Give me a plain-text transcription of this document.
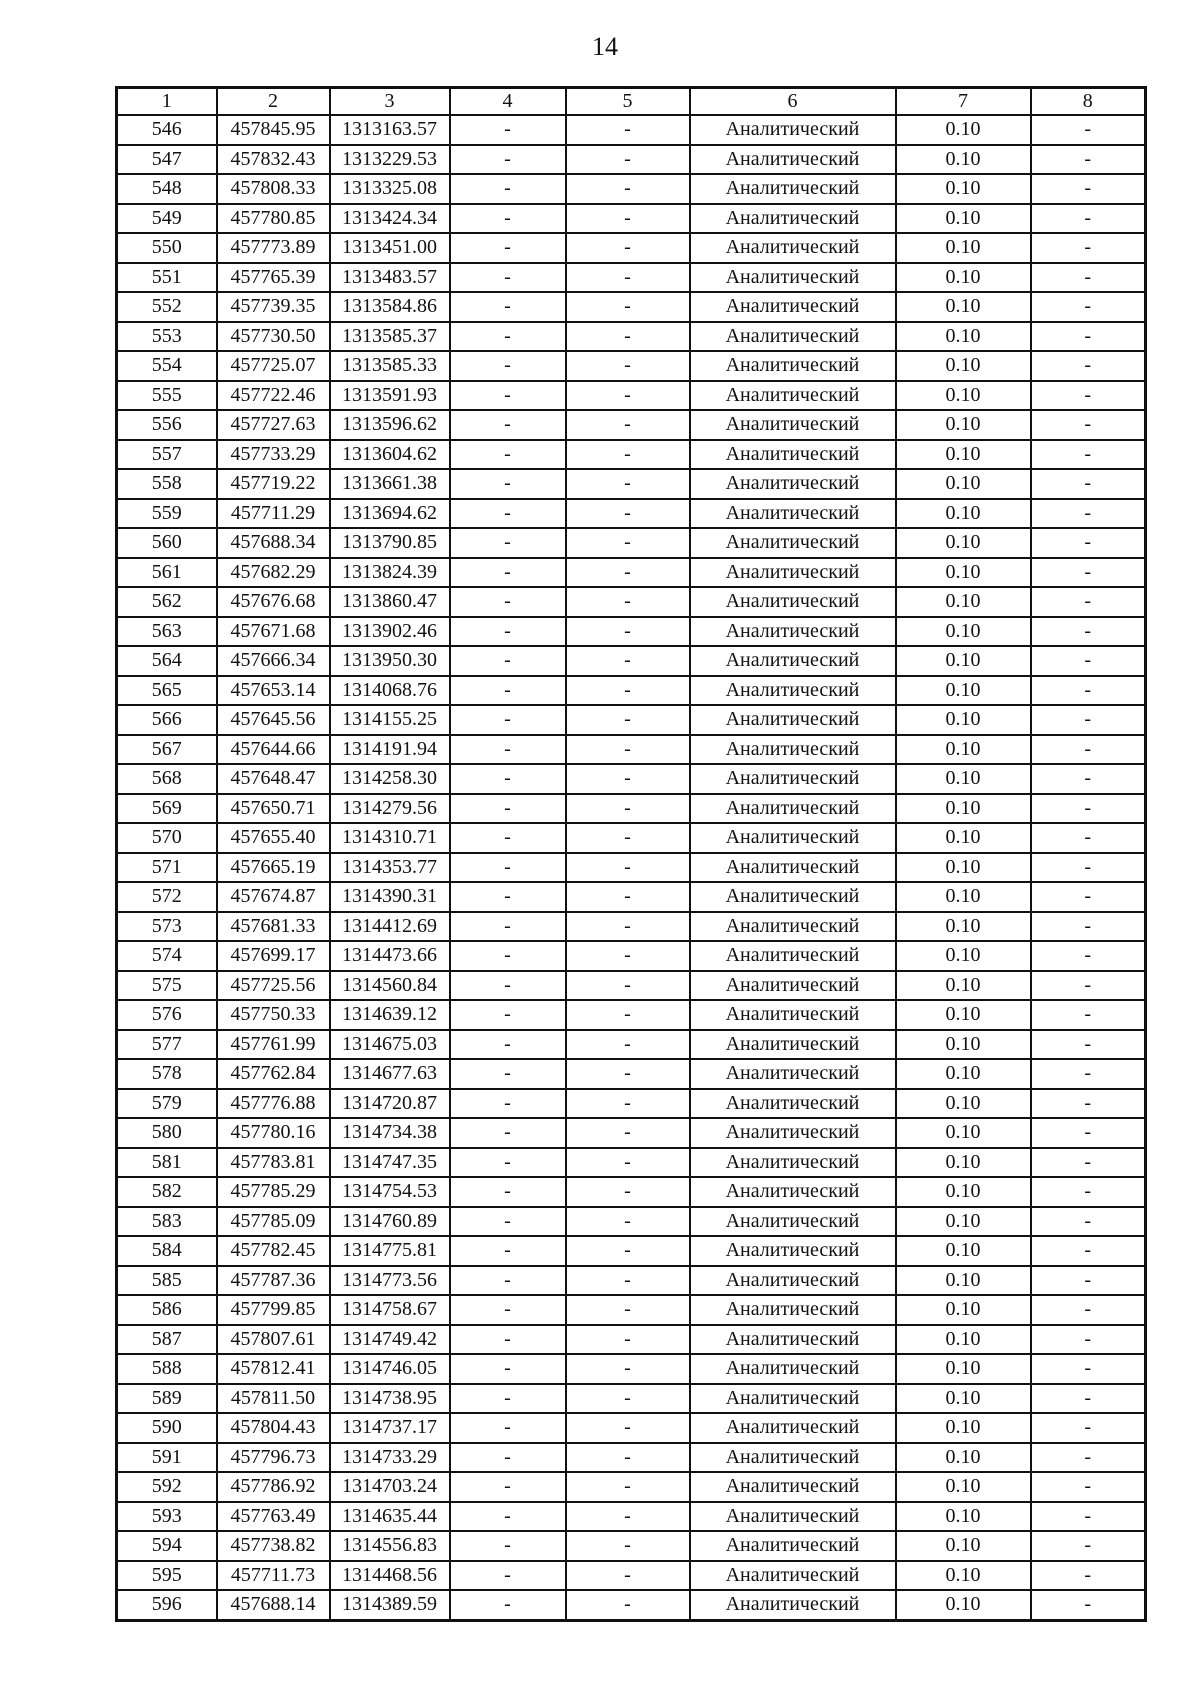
14
1	2	3	4	5	6	7	8
546	457845.95	1313163.57	-	-	Аналитический	0.10	-
547	457832.43	1313229.53	-	-	Аналитический	0.10	-
548	457808.33	1313325.08	-	-	Аналитический	0.10	-
549	457780.85	1313424.34	-	-	Аналитический	0.10	-
550	457773.89	1313451.00	-	-	Аналитический	0.10	-
551	457765.39	1313483.57	-	-	Аналитический	0.10	-
552	457739.35	1313584.86	-	-	Аналитический	0.10	-
553	457730.50	1313585.37	-	-	Аналитический	0.10	-
554	457725.07	1313585.33	-	-	Аналитический	0.10	-
555	457722.46	1313591.93	-	-	Аналитический	0.10	-
556	457727.63	1313596.62	-	-	Аналитический	0.10	-
557	457733.29	1313604.62	-	-	Аналитический	0.10	-
558	457719.22	1313661.38	-	-	Аналитический	0.10	-
559	457711.29	1313694.62	-	-	Аналитический	0.10	-
560	457688.34	1313790.85	-	-	Аналитический	0.10	-
561	457682.29	1313824.39	-	-	Аналитический	0.10	-
562	457676.68	1313860.47	-	-	Аналитический	0.10	-
563	457671.68	1313902.46	-	-	Аналитический	0.10	-
564	457666.34	1313950.30	-	-	Аналитический	0.10	-
565	457653.14	1314068.76	-	-	Аналитический	0.10	-
566	457645.56	1314155.25	-	-	Аналитический	0.10	-
567	457644.66	1314191.94	-	-	Аналитический	0.10	-
568	457648.47	1314258.30	-	-	Аналитический	0.10	-
569	457650.71	1314279.56	-	-	Аналитический	0.10	-
570	457655.40	1314310.71	-	-	Аналитический	0.10	-
571	457665.19	1314353.77	-	-	Аналитический	0.10	-
572	457674.87	1314390.31	-	-	Аналитический	0.10	-
573	457681.33	1314412.69	-	-	Аналитический	0.10	-
574	457699.17	1314473.66	-	-	Аналитический	0.10	-
575	457725.56	1314560.84	-	-	Аналитический	0.10	-
576	457750.33	1314639.12	-	-	Аналитический	0.10	-
577	457761.99	1314675.03	-	-	Аналитический	0.10	-
578	457762.84	1314677.63	-	-	Аналитический	0.10	-
579	457776.88	1314720.87	-	-	Аналитический	0.10	-
580	457780.16	1314734.38	-	-	Аналитический	0.10	-
581	457783.81	1314747.35	-	-	Аналитический	0.10	-
582	457785.29	1314754.53	-	-	Аналитический	0.10	-
583	457785.09	1314760.89	-	-	Аналитический	0.10	-
584	457782.45	1314775.81	-	-	Аналитический	0.10	-
585	457787.36	1314773.56	-	-	Аналитический	0.10	-
586	457799.85	1314758.67	-	-	Аналитический	0.10	-
587	457807.61	1314749.42	-	-	Аналитический	0.10	-
588	457812.41	1314746.05	-	-	Аналитический	0.10	-
589	457811.50	1314738.95	-	-	Аналитический	0.10	-
590	457804.43	1314737.17	-	-	Аналитический	0.10	-
591	457796.73	1314733.29	-	-	Аналитический	0.10	-
592	457786.92	1314703.24	-	-	Аналитический	0.10	-
593	457763.49	1314635.44	-	-	Аналитический	0.10	-
594	457738.82	1314556.83	-	-	Аналитический	0.10	-
595	457711.73	1314468.56	-	-	Аналитический	0.10	-
596	457688.14	1314389.59	-	-	Аналитический	0.10	-
